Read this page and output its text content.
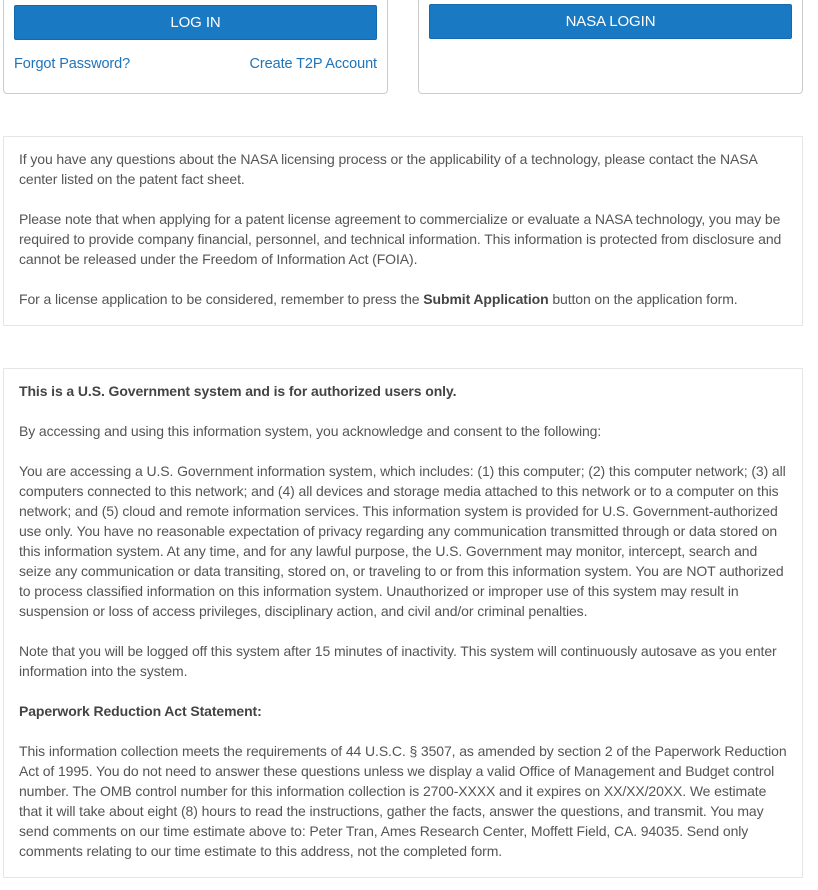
LOG IN
Forgot Password?	Create T2P Account
NASA LOGIN

If you have any questions about the NASA licensing process or the applicability of a technology, please contact the NASA center listed on the patent fact sheet.

Please note that when applying for a patent license agreement to commercialize or evaluate a NASA technology, you may be required to provide company financial, personnel, and technical information. This information is protected from disclosure and cannot be released under the Freedom of Information Act (FOIA).

For a license application to be considered, remember to press the Submit Application button on the application form.

This is a U.S. Government system and is for authorized users only.

By accessing and using this information system, you acknowledge and consent to the following:

You are accessing a U.S. Government information system, which includes: (1) this computer; (2) this computer network; (3) all computers connected to this network; and (4) all devices and storage media attached to this network or to a computer on this network; and (5) cloud and remote information services. This information system is provided for U.S. Government-authorized use only. You have no reasonable expectation of privacy regarding any communication transmitted through or data stored on this information system. At any time, and for any lawful purpose, the U.S. Government may monitor, intercept, search and seize any communication or data transiting, stored on, or traveling to or from this information system. You are NOT authorized to process classified information on this information system. Unauthorized or improper use of this system may result in suspension or loss of access privileges, disciplinary action, and civil and/or criminal penalties.

Note that you will be logged off this system after 15 minutes of inactivity. This system will continuously autosave as you enter information into the system.

Paperwork Reduction Act Statement:

This information collection meets the requirements of 44 U.S.C. § 3507, as amended by section 2 of the Paperwork Reduction Act of 1995. You do not need to answer these questions unless we display a valid Office of Management and Budget control number. The OMB control number for this information collection is 2700-XXXX and it expires on XX/XX/20XX. We estimate that it will take about eight (8) hours to read the instructions, gather the facts, answer the questions, and transmit. You may send comments on our time estimate above to: Peter Tran, Ames Research Center, Moffett Field, CA. 94035. Send only comments relating to our time estimate to this address, not the completed form.
